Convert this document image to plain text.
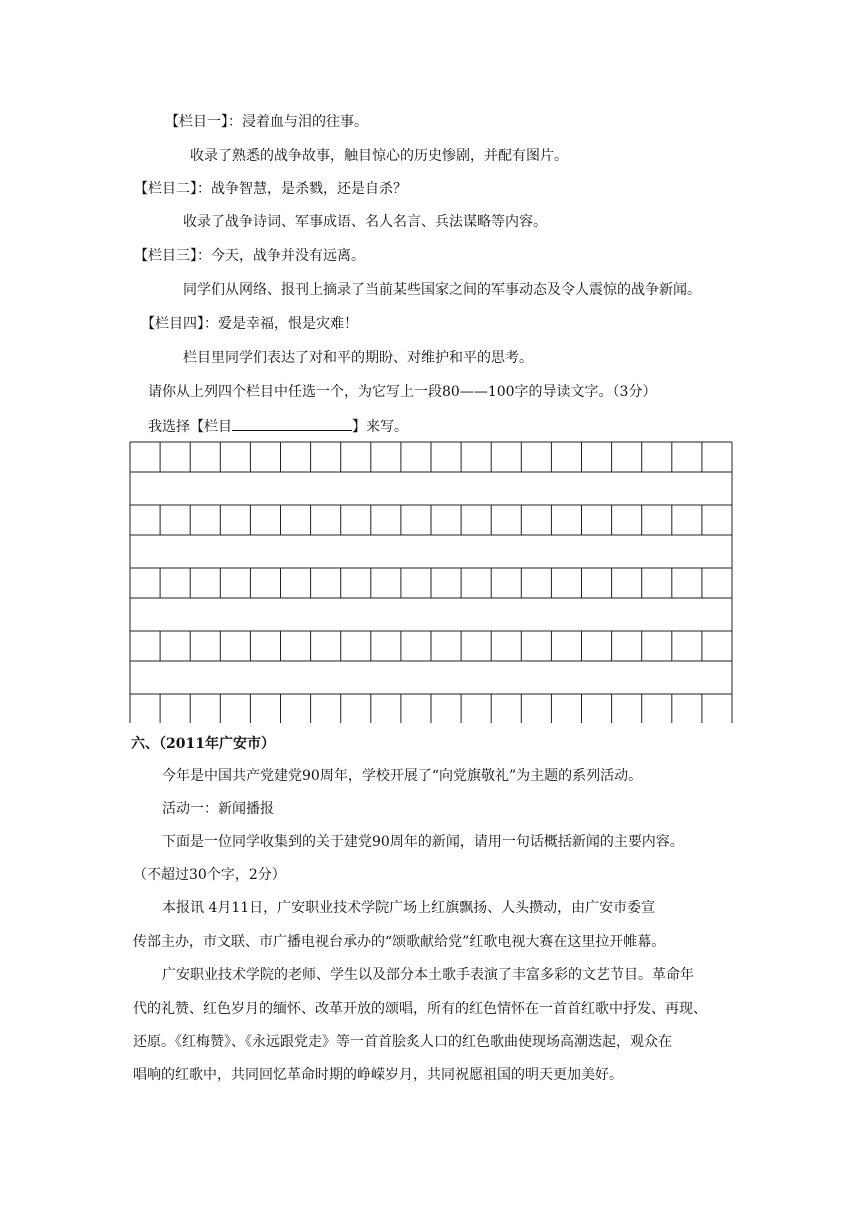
【栏目一】：浸着血与泪的往事。
收录了熟悉的战争故事，触目惊心的历史惨剧，并配有图片。
【栏目二】：战争智慧，是杀戮，还是自杀？
收录了战争诗词、军事成语、名人名言、兵法谋略等内容。
【栏目三】：今天，战争并没有远离。
同学们从网络、报刊上摘录了当前某些国家之间的军事动态及令人震惊的战争新闻。
【栏目四】：爱是幸福，恨是灾难！
栏目里同学们表达了对和平的期盼、对维护和平的思考。
请你从上列四个栏目中任选一个，为它写上一段80——100字的导读文字。（3分）
我选择【栏目	】来写。
六、（2011年广安市）
今年是中国共产党建党90周年，学校开展了“向党旗敬礼”为主题的系列活动。
活动一：新闻播报
下面是一位同学收集到的关于建党90周年的新闻，请用一句话概括新闻的主要内容。
（不超过30个字，2分）
本报讯 4月11日，广安职业技术学院广场上红旗飘扬、人头攒动，由广安市委宣
传部主办，市文联、市广播电视台承办的“颂歌献给党”红歌电视大赛在这里拉开帷幕。
广安职业技术学院的老师、学生以及部分本土歌手表演了丰富多彩的文艺节目。革命年
代的礼赞、红色岁月的缅怀、改革开放的颂唱，所有的红色情怀在一首首红歌中抒发、再现、
还原。《红梅赞》、《永远跟党走》等一首首脍炙人口的红色歌曲使现场高潮迭起，观众在
唱响的红歌中，共同回忆革命时期的峥嵘岁月，共同祝愿祖国的明天更加美好。
